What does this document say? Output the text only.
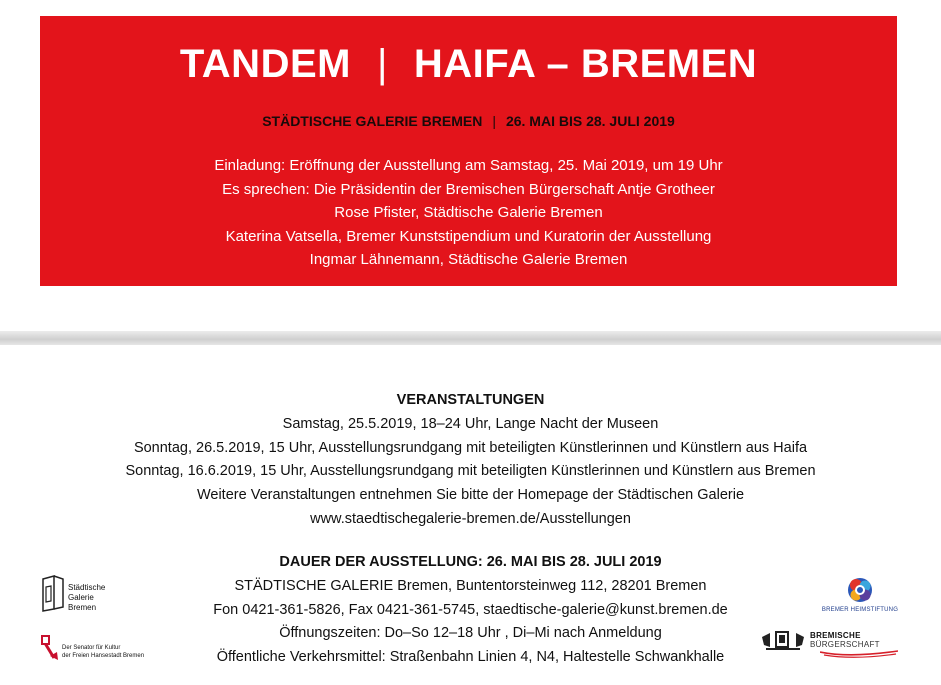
TANDEM | HAIFA – BREMEN
STÄDTISCHE GALERIE BREMEN | 26. MAI BIS 28. JULI 2019
Einladung: Eröffnung der Ausstellung am Samstag, 25. Mai 2019, um 19 Uhr
Es sprechen: Die Präsidentin der Bremischen Bürgerschaft Antje Grotheer
Rose Pfister, Städtische Galerie Bremen
Katerina Vatsella, Bremer Kunststipendium und Kuratorin der Ausstellung
Ingmar Lähnemann, Städtische Galerie Bremen
VERANSTALTUNGEN
Samstag, 25.5.2019, 18–24 Uhr, Lange Nacht der Museen
Sonntag, 26.5.2019, 15 Uhr, Ausstellungsrundgang mit beteiligten Künstlerinnen und Künstlern aus Haifa
Sonntag, 16.6.2019, 15 Uhr, Ausstellungsrundgang mit beteiligten Künstlerinnen und Künstlern aus Bremen
Weitere Veranstaltungen entnehmen Sie bitte der Homepage der Städtischen Galerie
www.staedtischegalerie-bremen.de/Ausstellungen
DAUER DER AUSSTELLUNG: 26. MAI BIS 28. JULI 2019
STÄDTISCHE GALERIE Bremen, Buntentorsteinweg 112, 28201 Bremen
Fon 0421-361-5826, Fax 0421-361-5745, staedtische-galerie@kunst.bremen.de
Öffnungszeiten: Do–So 12–18 Uhr , Di–Mi nach Anmeldung
Öffentliche Verkehrsmittel: Straßenbahn Linien 4, N4, Haltestelle Schwankhalle
Städtische
Galerie
Bremen
Der Senator für Kultur
der Freien Hansestadt Bremen
BREMER HEIMSTIFTUNG
BREMISCHE
BÜRGERSCHAFT
